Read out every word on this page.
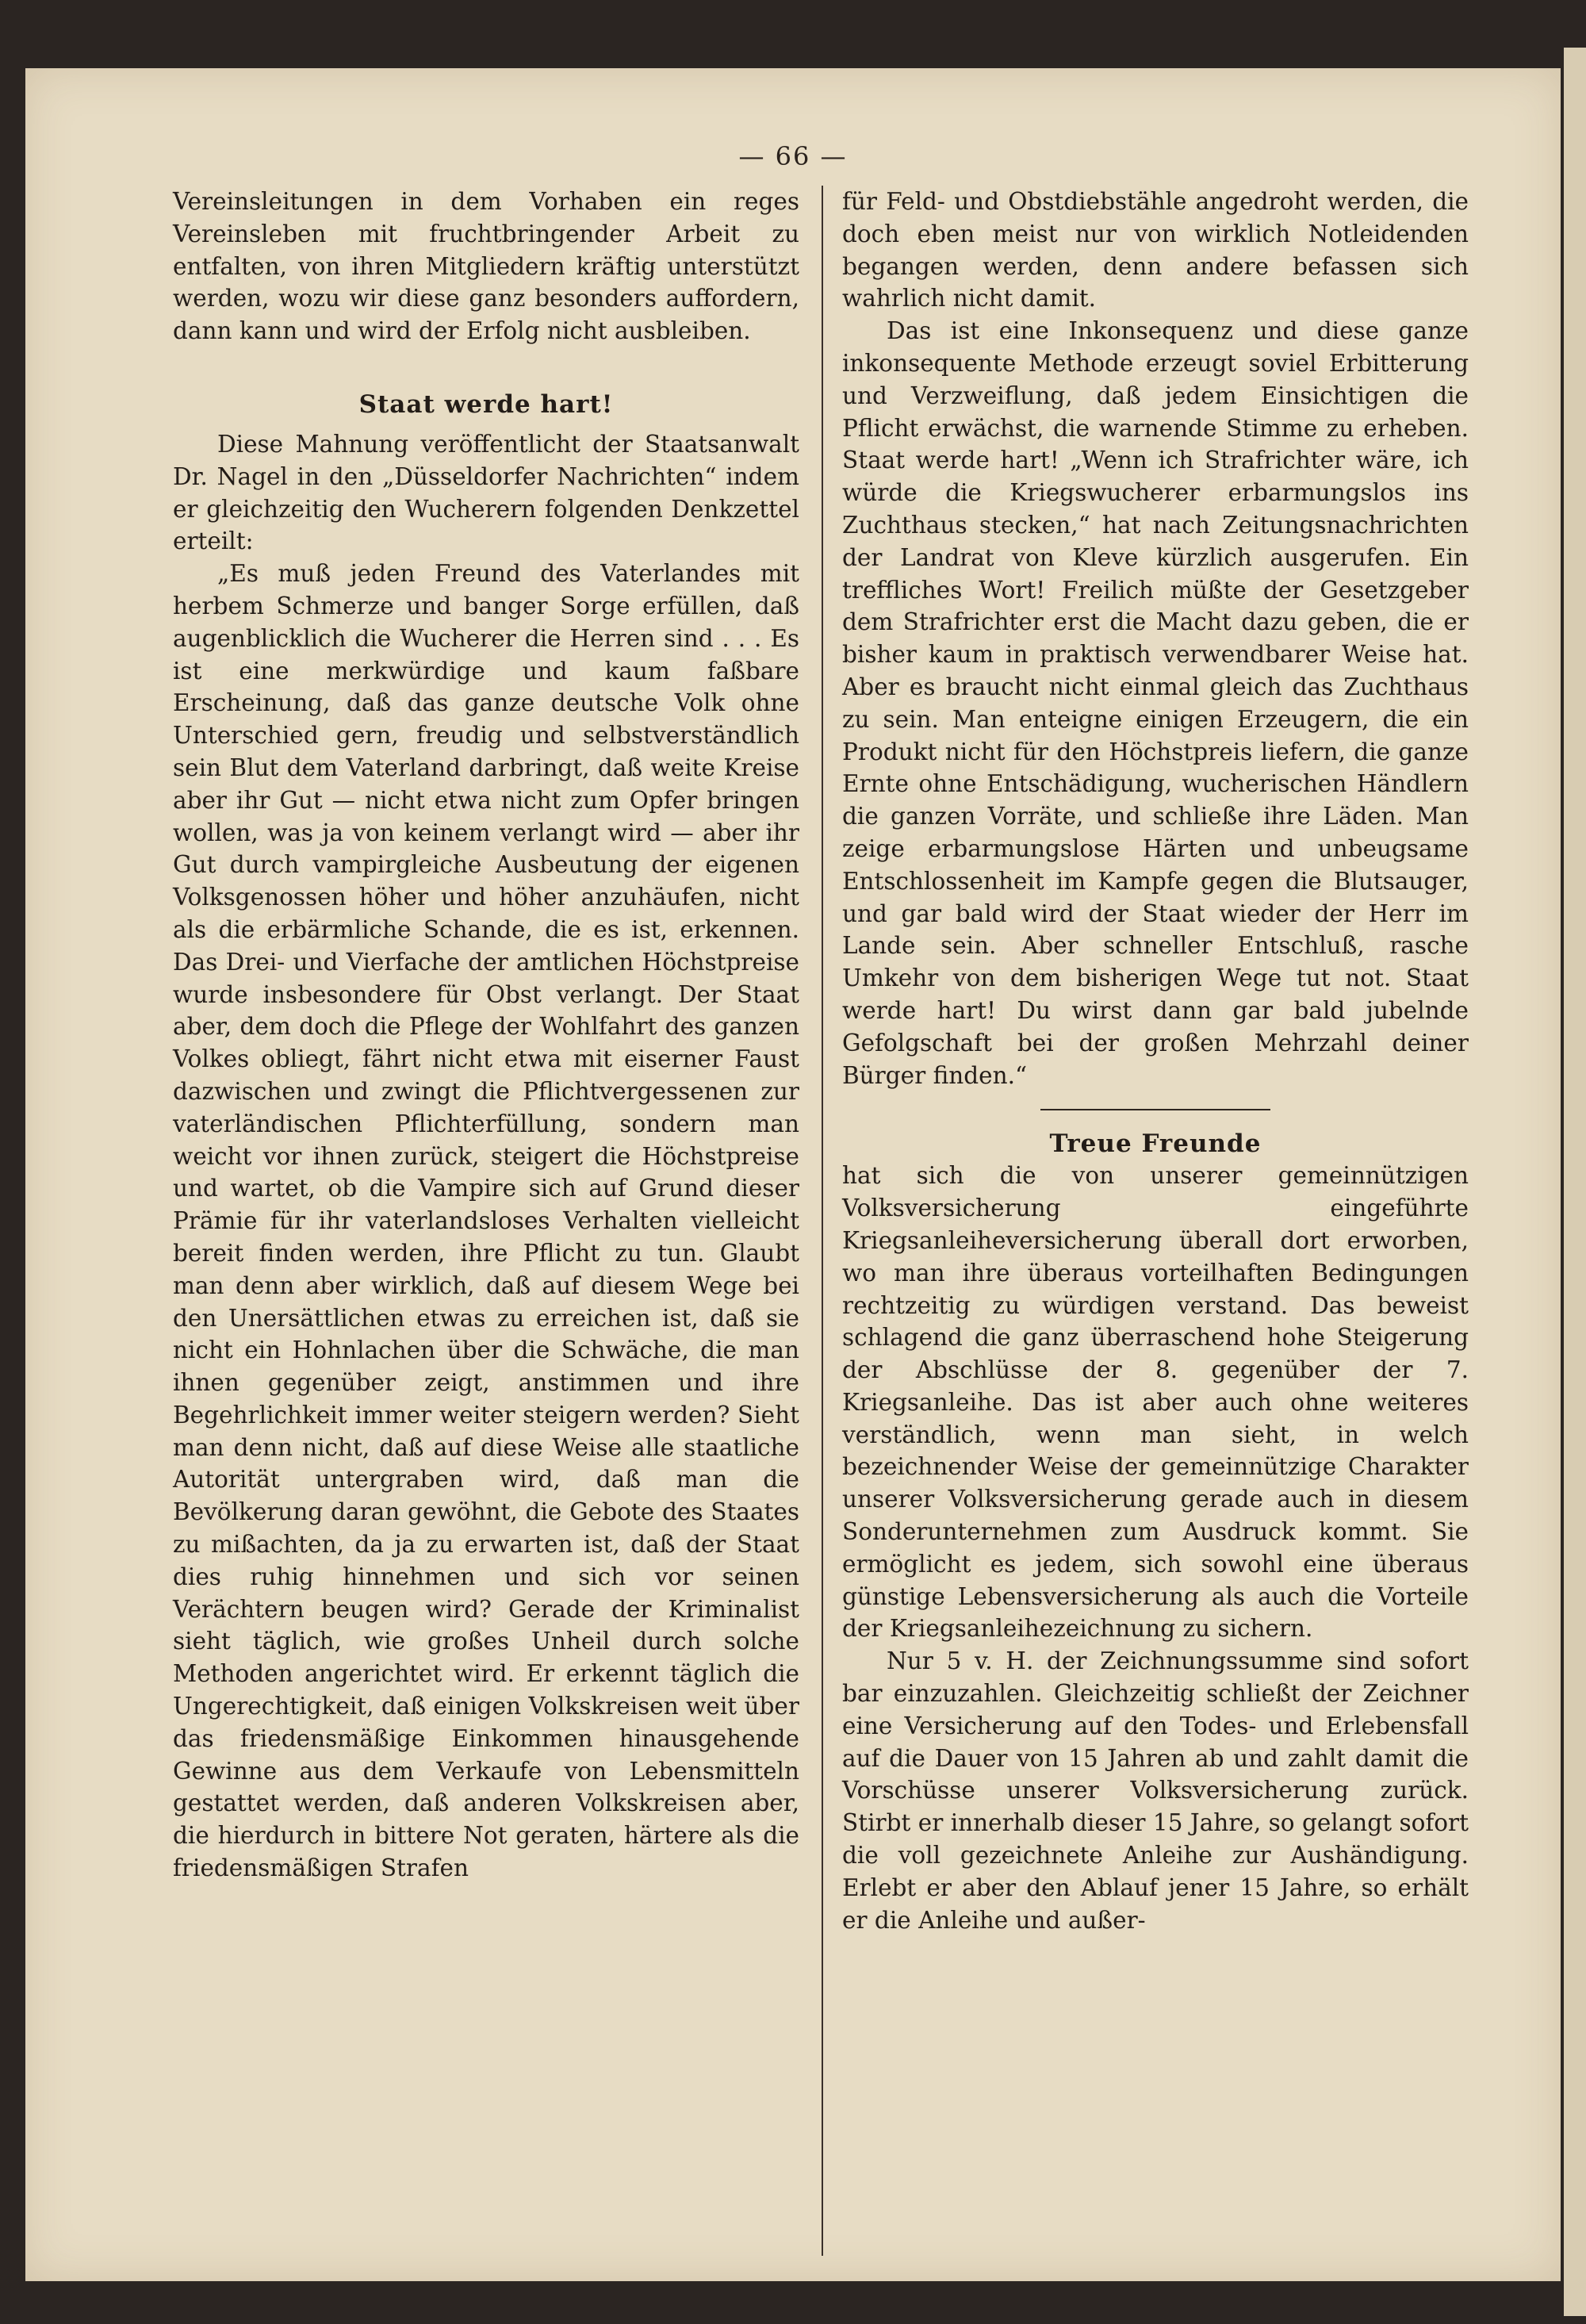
— 66 —

Vereinsleitungen in dem Vorhaben ein reges Vereinsleben mit fruchtbringender Arbeit zu entfalten, von ihren Mitgliedern kräftig unterstützt werden, wozu wir diese ganz besonders auffordern, dann kann und wird der Erfolg nicht ausbleiben.

Staat werde hart!

Diese Mahnung veröffentlicht der Staatsanwalt Dr. Nagel in den „Düsseldorfer Nachrichten“ indem er gleichzeitig den Wucherern folgenden Denkzettel erteilt:

„Es muß jeden Freund des Vaterlandes mit herbem Schmerze und banger Sorge erfüllen, daß augenblicklich die Wucherer die Herren sind . . . Es ist eine merkwürdige und kaum faßbare Erscheinung, daß das ganze deutsche Volk ohne Unterschied gern, freudig und selbstverständlich sein Blut dem Vaterland darbringt, daß weite Kreise aber ihr Gut — nicht etwa nicht zum Opfer bringen wollen, was ja von keinem verlangt wird — aber ihr Gut durch vampirgleiche Ausbeutung der eigenen Volksgenossen höher und höher anzuhäufen, nicht als die erbärmliche Schande, die es ist, erkennen. Das Drei- und Vierfache der amtlichen Höchstpreise wurde insbesondere für Obst verlangt. Der Staat aber, dem doch die Pflege der Wohlfahrt des ganzen Volkes obliegt, fährt nicht etwa mit eiserner Faust dazwischen und zwingt die Pflichtvergessenen zur vaterländischen Pflichterfüllung, sondern man weicht vor ihnen zurück, steigert die Höchstpreise und wartet, ob die Vampire sich auf Grund dieser Prämie für ihr vaterlandsloses Verhalten vielleicht bereit finden werden, ihre Pflicht zu tun. Glaubt man denn aber wirklich, daß auf diesem Wege bei den Unersättlichen etwas zu erreichen ist, daß sie nicht ein Hohnlachen über die Schwäche, die man ihnen gegenüber zeigt, anstimmen und ihre Begehrlichkeit immer weiter steigern werden? Sieht man denn nicht, daß auf diese Weise alle staatliche Autorität untergraben wird, daß man die Bevölkerung daran gewöhnt, die Gebote des Staates zu mißachten, da ja zu erwarten ist, daß der Staat dies ruhig hinnehmen und sich vor seinen Verächtern beugen wird? Gerade der Kriminalist sieht täglich, wie großes Unheil durch solche Methoden angerichtet wird. Er erkennt täglich die Ungerechtigkeit, daß einigen Volkskreisen weit über das friedensmäßige Einkommen hinausgehende Gewinne aus dem Verkaufe von Lebensmitteln gestattet werden, daß anderen Volkskreisen aber, die hierdurch in bittere Not geraten, härtere als die friedensmäßigen Strafen

für Feld- und Obstdiebstähle angedroht werden, die doch eben meist nur von wirklich Notleidenden begangen werden, denn andere befassen sich wahrlich nicht damit.

Das ist eine Inkonsequenz und diese ganze inkonsequente Methode erzeugt soviel Erbitterung und Verzweiflung, daß jedem Einsichtigen die Pflicht erwächst, die warnende Stimme zu erheben. Staat werde hart! „Wenn ich Strafrichter wäre, ich würde die Kriegswucherer erbarmungslos ins Zuchthaus stecken,“ hat nach Zeitungsnachrichten der Landrat von Kleve kürzlich ausgerufen. Ein treffliches Wort! Freilich müßte der Gesetzgeber dem Strafrichter erst die Macht dazu geben, die er bisher kaum in praktisch verwendbarer Weise hat. Aber es braucht nicht einmal gleich das Zuchthaus zu sein. Man enteigne einigen Erzeugern, die ein Produkt nicht für den Höchstpreis liefern, die ganze Ernte ohne Entschädigung, wucherischen Händlern die ganzen Vorräte, und schließe ihre Läden. Man zeige erbarmungslose Härten und unbeugsame Entschlossenheit im Kampfe gegen die Blutsauger, und gar bald wird der Staat wieder der Herr im Lande sein. Aber schneller Entschluß, rasche Umkehr von dem bisherigen Wege tut not. Staat werde hart! Du wirst dann gar bald jubelnde Gefolgschaft bei der großen Mehrzahl deiner Bürger finden.“

Treue Freunde

hat sich die von unserer gemeinnützigen Volksversicherung eingeführte Kriegsanleiheversicherung überall dort erworben, wo man ihre überaus vorteilhaften Bedingungen rechtzeitig zu würdigen verstand. Das beweist schlagend die ganz überraschend hohe Steigerung der Abschlüsse der 8. gegenüber der 7. Kriegsanleihe. Das ist aber auch ohne weiteres verständlich, wenn man sieht, in welch bezeichnender Weise der gemeinnützige Charakter unserer Volksversicherung gerade auch in diesem Sonderunternehmen zum Ausdruck kommt. Sie ermöglicht es jedem, sich sowohl eine überaus günstige Lebensversicherung als auch die Vorteile der Kriegsanleihezeichnung zu sichern.

Nur 5 v. H. der Zeichnungssumme sind sofort bar einzuzahlen. Gleichzeitig schließt der Zeichner eine Versicherung auf den Todes- und Erlebensfall auf die Dauer von 15 Jahren ab und zahlt damit die Vorschüsse unserer Volksversicherung zurück. Stirbt er innerhalb dieser 15 Jahre, so gelangt sofort die voll gezeichnete Anleihe zur Aushändigung. Erlebt er aber den Ablauf jener 15 Jahre, so erhält er die Anleihe und außer-
